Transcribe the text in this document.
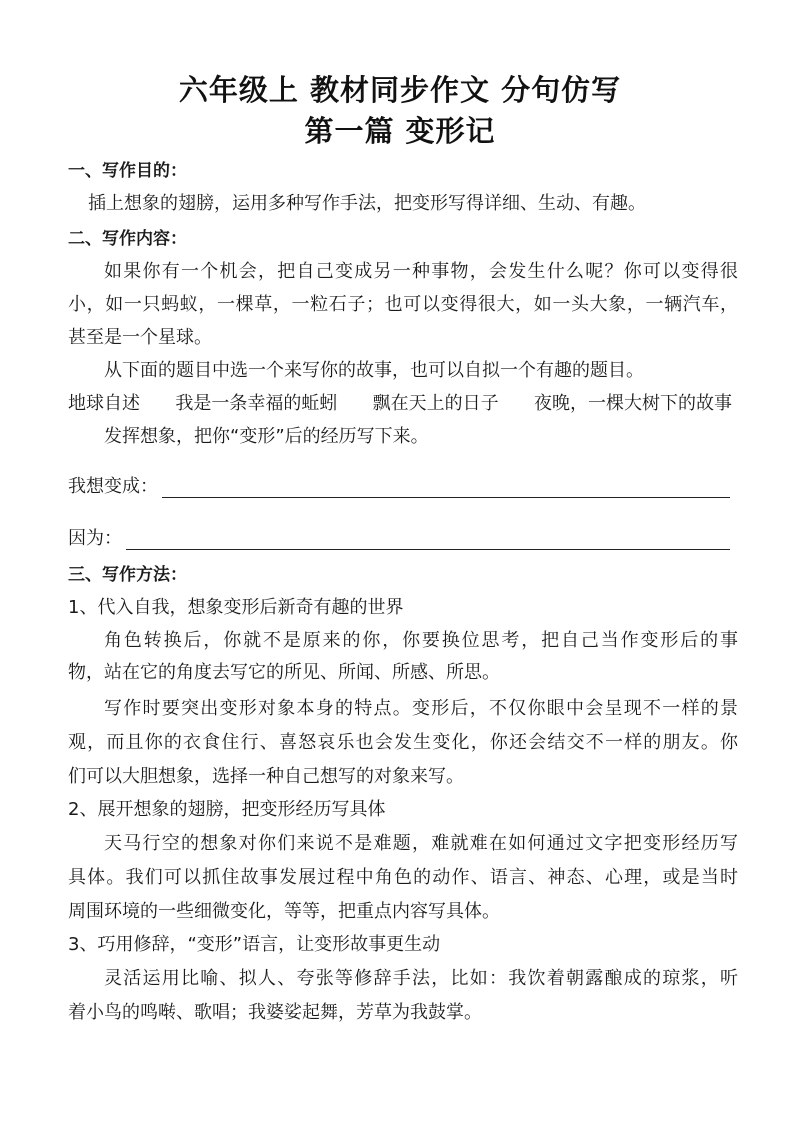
六年级上 教材同步作文 分句仿写
第一篇 变形记

一、写作目的：

插上想象的翅膀，运用多种写作手法，把变形写得详细、生动、有趣。

二、写作内容：

如果你有一个机会，把自己变成另一种事物，会发生什么呢？你可以变得很

小，如一只蚂蚁，一棵草，一粒石子；也可以变得很大，如一头大象，一辆汽车，

甚至是一个星球。

从下面的题目中选一个来写你的故事，也可以自拟一个有趣的题目。

地球自述 我是一条幸福的蚯蚓 飘在天上的日子 夜晚，一棵大树下的故事

发挥想象，把你“变形”后的经历写下来。

我想变成：
因为：

三、写作方法：

1、代入自我，想象变形后新奇有趣的世界

角色转换后，你就不是原来的你，你要换位思考，把自己当作变形后的事

物，站在它的角度去写它的所见、所闻、所感、所思。

写作时要突出变形对象本身的特点。变形后，不仅你眼中会呈现不一样的景

观，而且你的衣食住行、喜怒哀乐也会发生变化，你还会结交不一样的朋友。你

们可以大胆想象，选择一种自己想写的对象来写。

2、展开想象的翅膀，把变形经历写具体

天马行空的想象对你们来说不是难题，难就难在如何通过文字把变形经历写

具体。我们可以抓住故事发展过程中角色的动作、语言、神态、心理，或是当时

周围环境的一些细微变化，等等，把重点内容写具体。

3、巧用修辞，“变形”语言，让变形故事更生动

灵活运用比喻、拟人、夸张等修辞手法，比如：我饮着朝露酿成的琼浆，听

着小鸟的鸣啭、歌唱；我婆娑起舞，芳草为我鼓掌。
